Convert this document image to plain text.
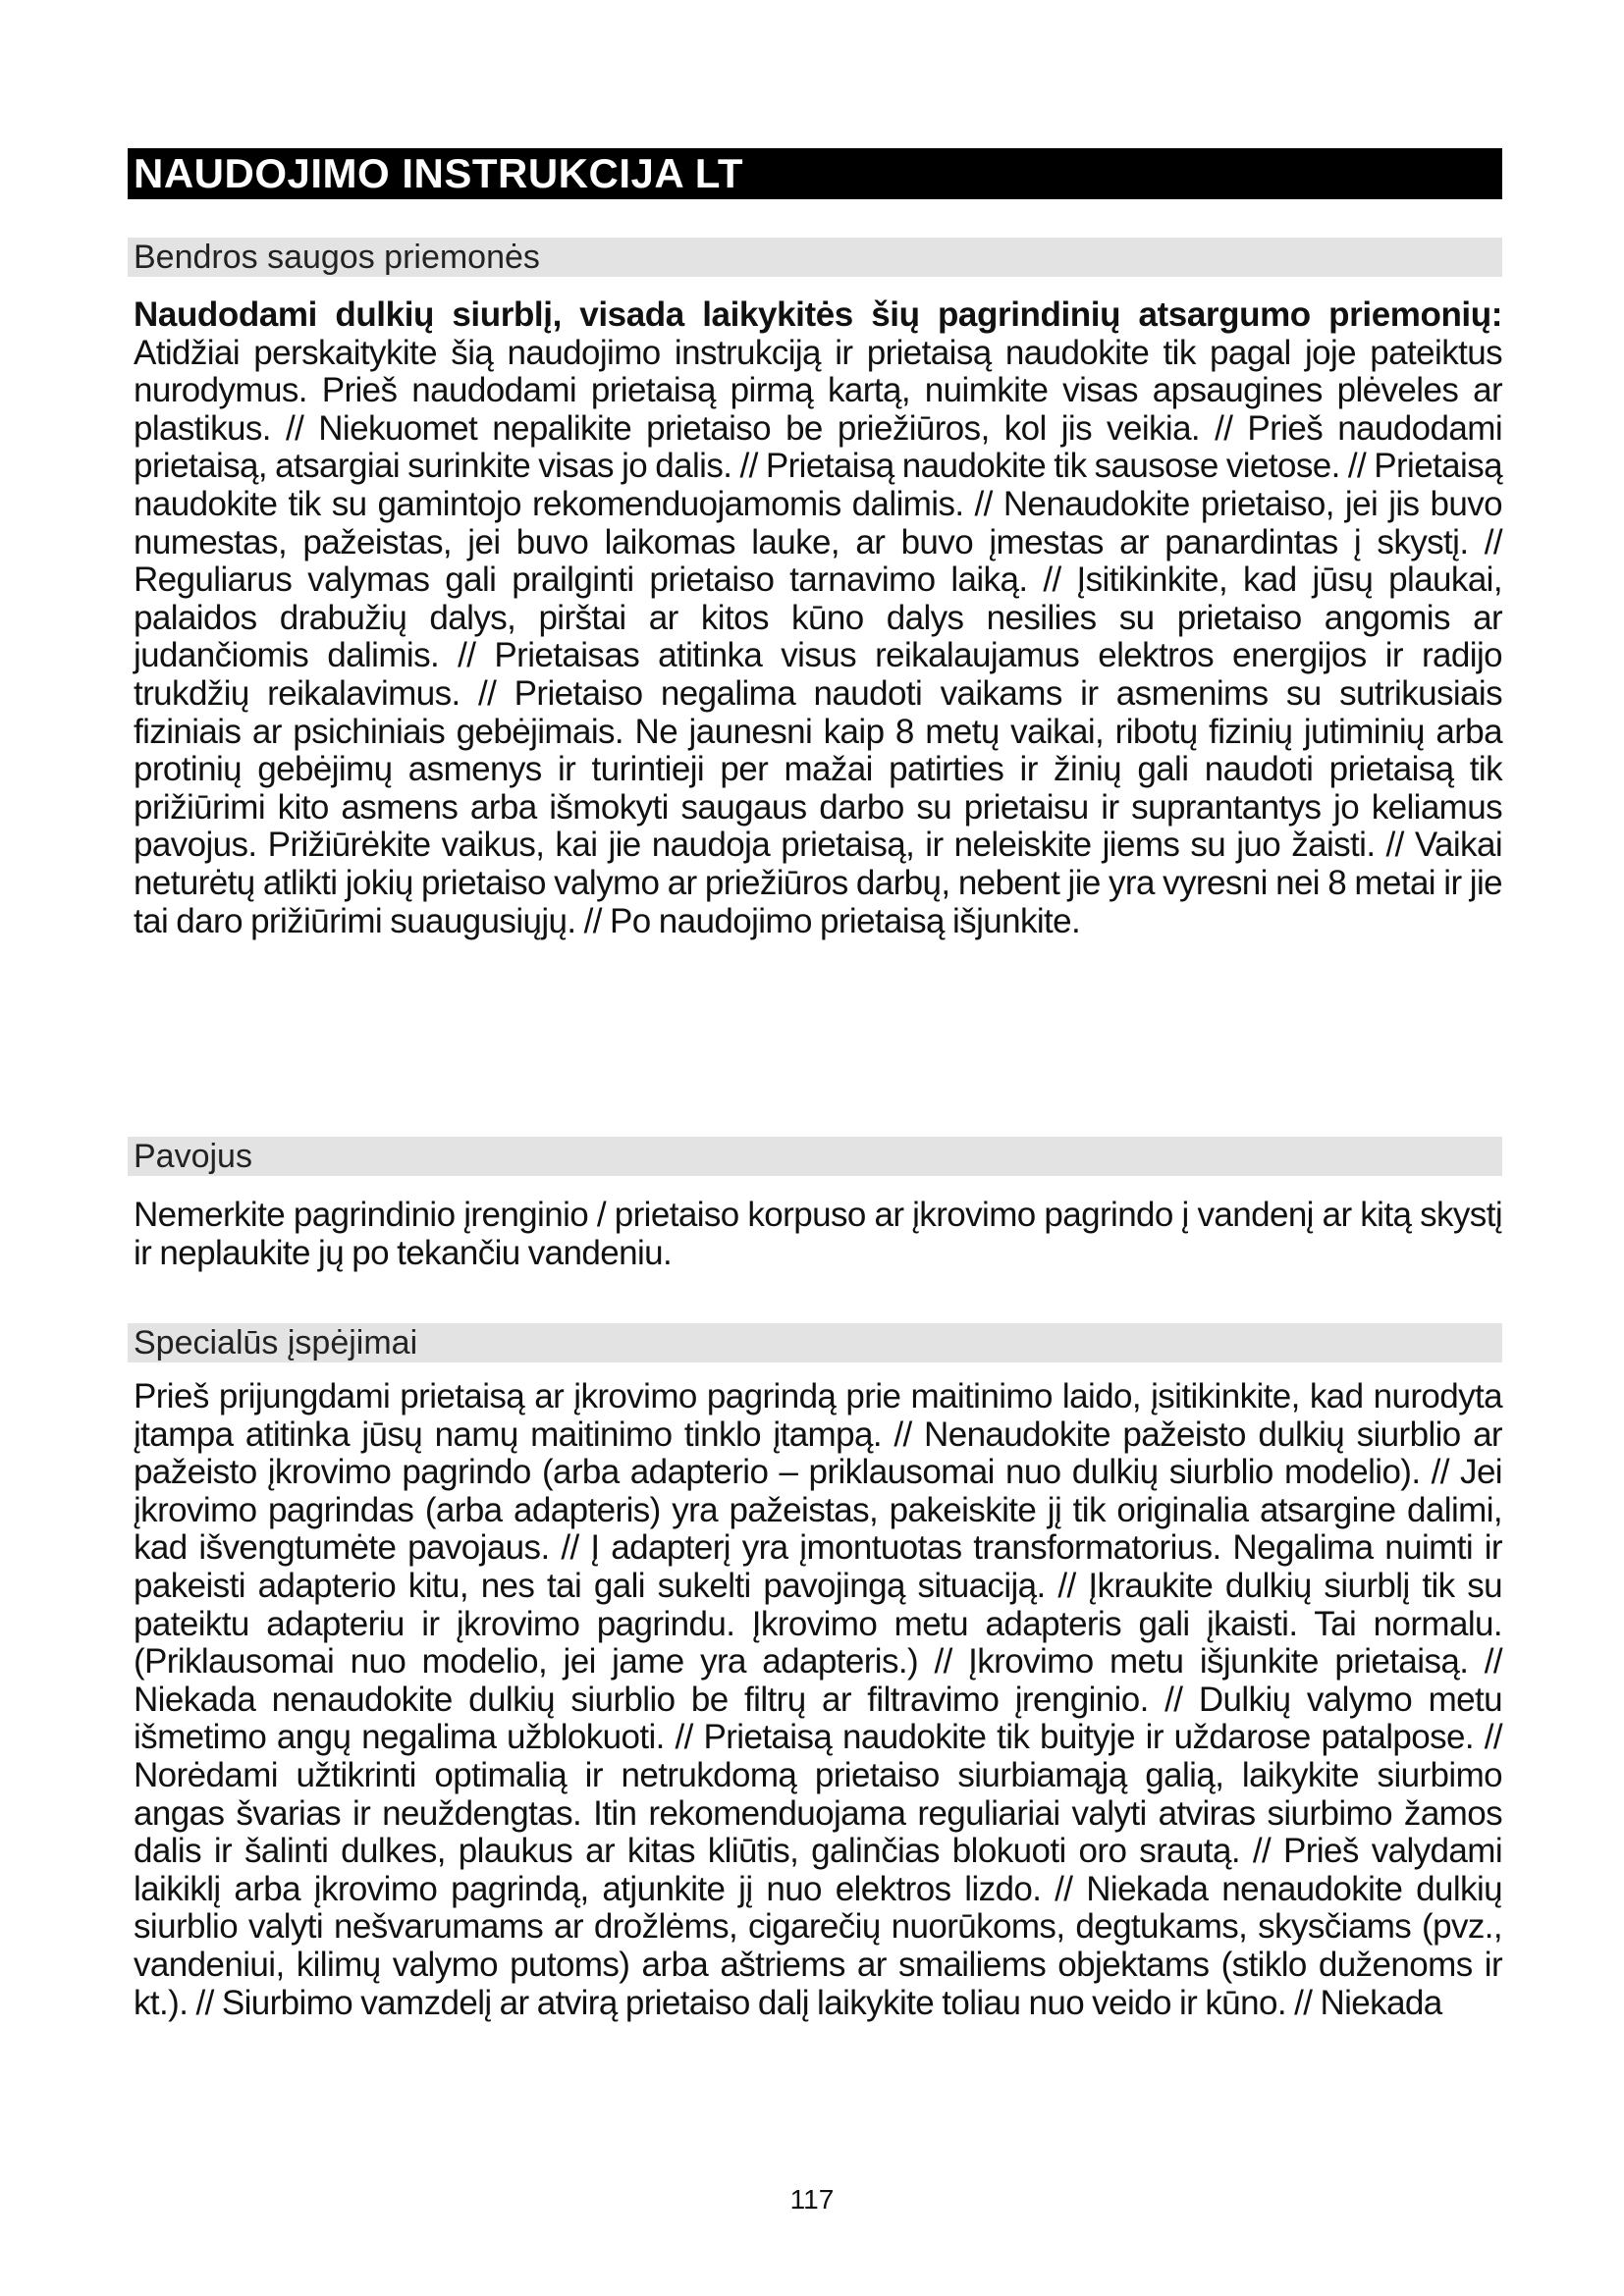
NAUDOJIMO INSTRUKCIJA LT
Bendros saugos priemonės
Naudodami dulkių siurblį, visada laikykitės šių pagrindinių atsargumo priemonių:
Atidžiai perskaitykite šią naudojimo instrukciją ir prietaisą naudokite tik pagal joje pateiktus nurodymus. Prieš naudodami prietaisą pirmą kartą, nuimkite visas apsaugines plėveles ar plastikus. // Niekuomet nepalikite prietaiso be priežiūros, kol jis veikia. // Prieš naudodami prietaisą, atsargiai surinkite visas jo dalis. // Prietaisą naudokite tik sausose vietose. // Prietaisą naudokite tik su gamintojo rekomenduojamomis dalimis. // Nenaudokite prietaiso, jei jis buvo numestas, pažeistas, jei buvo laikomas lauke, ar buvo įmestas ar panardintas į skystį. // Reguliarus valymas gali prailginti prietaiso tarnavimo laiką. // Įsitikinkite, kad jūsų plaukai, palaidos drabužių dalys, pirštai ar kitos kūno dalys nesilies su prietaiso angomis ar judančiomis dalimis. // Prietaisas atitinka visus reikalaujamus elektros energijos ir radijo trukdžių reikalavimus. // Prietaiso negalima naudoti vaikams ir asmenims su sutrikusiais fiziniais ar psichiniais gebėjimais. Ne jaunesni kaip 8 metų vaikai, ribotų fizinių jutiminių arba protinių gebėjimų asmenys ir turintieji per mažai patirties ir žinių gali naudoti prietaisą tik prižiūrimi kito asmens arba išmokyti saugaus darbo su prietaisu ir suprantantys jo keliamus pavojus. Prižiūrėkite vaikus, kai jie naudoja prietaisą, ir neleiskite jiems su juo žaisti. // Vaikai neturėtų atlikti jokių prietaiso valymo ar priežiūros darbų, nebent jie yra vyresni nei 8 metai ir jie tai daro prižiūrimi suaugusiųjų. // Po naudojimo prietaisą išjunkite.
Pavojus
Nemerkite pagrindinio įrenginio / prietaiso korpuso ar įkrovimo pagrindo į vandenį ar kitą skystį ir neplaukite jų po tekančiu vandeniu.
Specialūs įspėjimai
Prieš prijungdami prietaisą ar įkrovimo pagrindą prie maitinimo laido, įsitikinkite, kad nurodyta įtampa atitinka jūsų namų maitinimo tinklo įtampą. // Nenaudokite pažeisto dulkių siurblio ar pažeisto įkrovimo pagrindo (arba adapterio – priklausomai nuo dulkių siurblio modelio). // Jei įkrovimo pagrindas (arba adapteris) yra pažeistas, pakeiskite jį tik originalia atsargine dalimi, kad išvengtumėte pavojaus. // Į adapterį yra įmontuotas transformatorius. Negalima nuimti ir pakeisti adapterio kitu, nes tai gali sukelti pavojingą situaciją. // Įkraukite dulkių siurblį tik su pateiktu adapteriu ir įkrovimo pagrindu. Įkrovimo metu adapteris gali įkaisti. Tai normalu. (Priklausomai nuo modelio, jei jame yra adapteris.) // Įkrovimo metu išjunkite prietaisą. // Niekada nenaudokite dulkių siurblio be filtrų ar filtravimo įrenginio. // Dulkių valymo metu išmetimo angų negalima užblokuoti. // Prietaisą naudokite tik buityje ir uždarose patalpose. // Norėdami užtikrinti optimalią ir netrukdomą prietaiso siurbiamąją galią, laikykite siurbimo angas švarias ir neuždengtas. Itin rekomenduojama reguliariai valyti atviras siurbimo žamos dalis ir šalinti dulkes, plaukus ar kitas kliūtis, galinčias blokuoti oro srautą. // Prieš valydami laikiklį arba įkrovimo pagrindą, atjunkite jį nuo elektros lizdo. // Niekada nenaudokite dulkių siurblio valyti nešvarumams ar drožlėms, cigarečių nuorūkoms, degtukams, skysčiams (pvz., vandeniui, kilimų valymo putoms) arba aštriems ar smailiems objektams (stiklo duženoms ir kt.). // Siurbimo vamzdelį ar atvirą prietaiso dalį laikykite toliau nuo veido ir kūno. // Niekada
117
